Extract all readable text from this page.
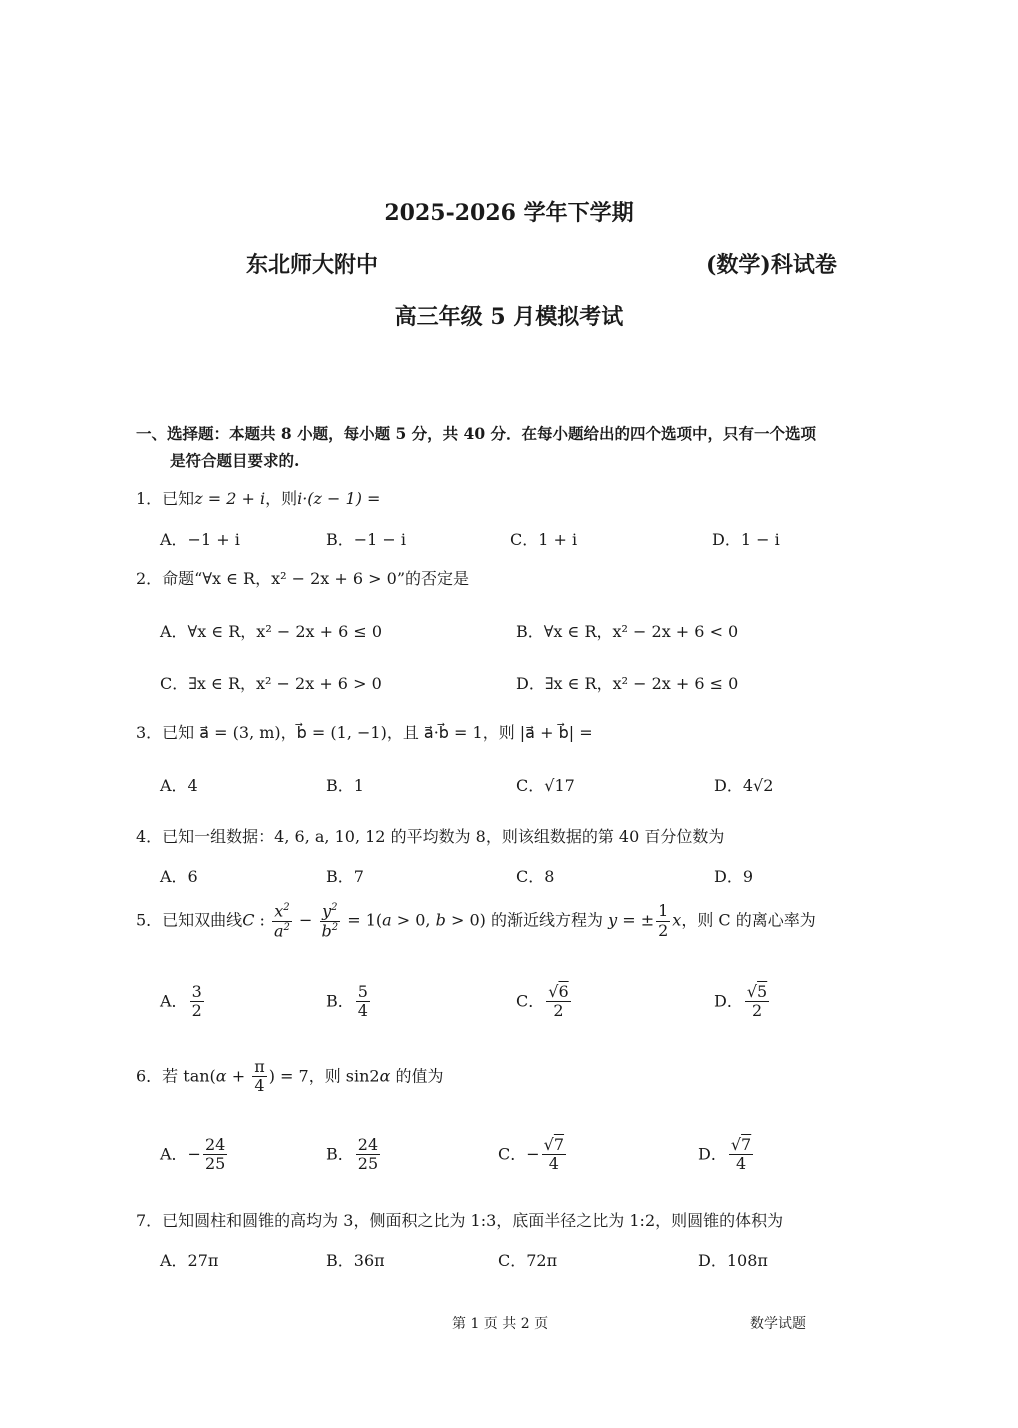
2025-2026 学年下学期
东北师大附中	(数学)科试卷
高三年级 5 月模拟考试
一、选择题：本题共 8 小题，每小题 5 分，共 40 分．在每小题给出的四个选项中，只有一个选项
是符合题目要求的.
1．已知z = 2 + i，则i·(z − 1) =
A．−1 + i	B．−1 − i	C．1 + i	D．1 − i
2．命题“∀x ∈ R，x² − 2x + 6 > 0”的否定是
A．∀x ∈ R，x² − 2x + 6 ≤ 0	B．∀x ∈ R，x² − 2x + 6 < 0
C．∃x ∈ R，x² − 2x + 6 > 0	D．∃x ∈ R，x² − 2x + 6 ≤ 0
3．已知 a⃗ = (3, m)，b⃗ = (1, −1)，且 a⃗·b⃗ = 1，则 |a⃗ + b⃗| =
A．4	B．1	C．√17	D．4√2
4．已知一组数据：4, 6, a, 10, 12 的平均数为 8，则该组数据的第 40 百分位数为
A．6	B．7	C．8	D．9
5．已知双曲线C : $\frac{x^2}{a^2} - \frac{y^2}{b^2} = 1(a > 0$, b > 0) 的渐近线方程为 y = ± $\frac{1}{2}$ x，则 C 的离心率为
A． $\frac{3}{2}$	B． $\frac{5}{4}$	C． $\frac{√6}{2}$	D． $\frac{√5}{2}$
6．若 $\tan(\alpha + \frac{\pi}{4}$ ) = 7，则 sin2α 的值为
A．− $\frac{24}{25}$	B． $\frac{24}{25}$	C．− $\frac{√7}{4}$	D． $\frac{√7}{4}$
7．已知圆柱和圆锥的高均为 3，侧面积之比为 1:3，底面半径之比为 1:2，则圆锥的体积为
A．27π	B．36π	C．72π	D．108π
第 1 页 共 2 页	数学试题
